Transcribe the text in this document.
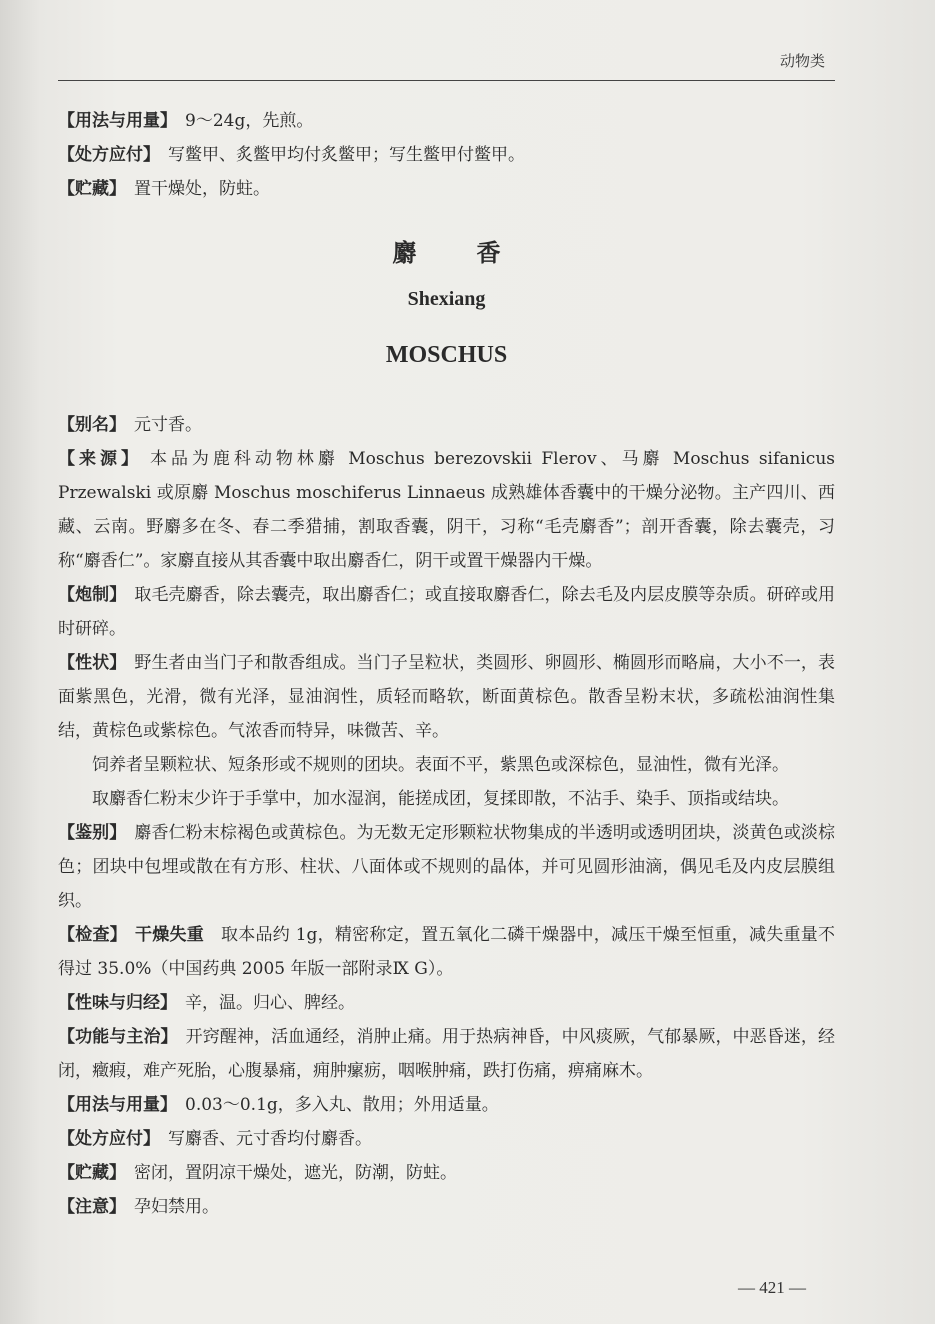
动物类
【用法与用量】 9～24g，先煎。
【处方应付】 写鳖甲、炙鳖甲均付炙鳖甲；写生鳖甲付鳖甲。
【贮藏】 置干燥处，防蛀。
麝香
Shexiang
MOSCHUS

【别名】 元寸香。

【来源】 本品为鹿科动物林麝 Moschus berezovskii Flerov、马麝 Moschus sifanicus Przewalski 或原麝 Moschus moschiferus Linnaeus 成熟雄体香囊中的干燥分泌物。主产四川、西藏、云南。野麝多在冬、春二季猎捕，割取香囊，阴干，习称“毛壳麝香”；剖开香囊，除去囊壳，习称“麝香仁”。家麝直接从其香囊中取出麝香仁，阴干或置干燥器内干燥。

【炮制】 取毛壳麝香，除去囊壳，取出麝香仁；或直接取麝香仁，除去毛及内层皮膜等杂质。研碎或用时研碎。

【性状】 野生者由当门子和散香组成。当门子呈粒状，类圆形、卵圆形、椭圆形而略扁，大小不一，表面紫黑色，光滑，微有光泽，显油润性，质轻而略软，断面黄棕色。散香呈粉末状，多疏松油润性集结，黄棕色或紫棕色。气浓香而特异，味微苦、辛。

饲养者呈颗粒状、短条形或不规则的团块。表面不平，紫黑色或深棕色，显油性，微有光泽。

取麝香仁粉末少许于手掌中，加水湿润，能搓成团，复揉即散，不沾手、染手、顶指或结块。

【鉴别】 麝香仁粉末棕褐色或黄棕色。为无数无定形颗粒状物集成的半透明或透明团块，淡黄色或淡棕色；团块中包埋或散在有方形、柱状、八面体或不规则的晶体，并可见圆形油滴，偶见毛及内皮层膜组织。

【检查】 干燥失重 取本品约 1g，精密称定，置五氧化二磷干燥器中，减压干燥至恒重，减失重量不得过 35.0%（中国药典 2005 年版一部附录Ⅸ G）。

【性味与归经】 辛，温。归心、脾经。

【功能与主治】 开窍醒神，活血通经，消肿止痛。用于热病神昏，中风痰厥，气郁暴厥，中恶昏迷，经闭，癥瘕，难产死胎，心腹暴痛，痈肿瘰疬，咽喉肿痛，跌打伤痛，痹痛麻木。

【用法与用量】 0.03～0.1g，多入丸、散用；外用适量。

【处方应付】 写麝香、元寸香均付麝香。

【贮藏】 密闭，置阴凉干燥处，遮光，防潮，防蛀。

【注意】 孕妇禁用。

— 421 —
